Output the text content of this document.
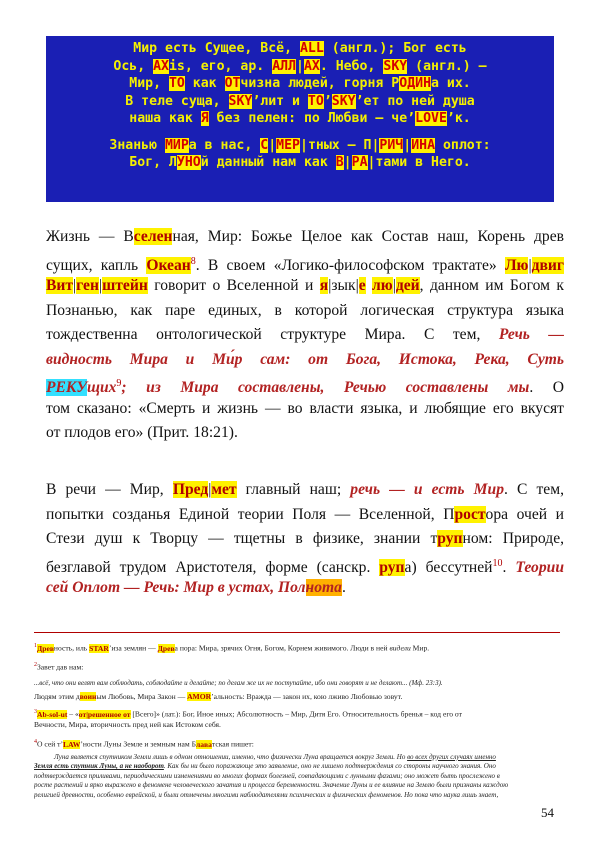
Мир есть Сущее, Всё, ALL (англ.); Бог есть
Ось, AXis, его, ар. АЛЛ|АХ. Небо, SKY (англ.) —
Мир, ТО как ОТчизна людей, горня РОДИНа их.
В теле суща, SKY’лит и ТО’SKY’ет по ней душа
наша как Я без пелен: по Любви — че’LOVE’к.
Знанью МИРа в нас, С|МЕР|тных — П|РИЧ|ИНА оплот:
Бог, ЛУНОй данный нам как В|РА|тами в Него.
Жизнь — Вселенная, Мир: Божье Целое как Состав наш, Корень древ
сущих, капль Океан$^8$. В своем «Логико-философском трактате» Лю|двиг
Вит|ген|штейн говорит о Вселенной и я|зык|е лю|дей, данном им Богом к
Познанью, как паре единых, в которой логическая структура языка
тождественна онтологической структуре Мира. С тем, Речь —
видность Мира и Ми́р сам: от Бога, Истока, Река, Суть
РЕКУщих$^9$; из Мира составлены, Речью составлены мы. О
том сказано: «Смерть и жизнь — во власти языка, и любящие его вкусят
от плодов его» (Прит. 18:21).
В речи — Мир, Пред|мет главный наш; речь — и есть Мир. С тем,
попытки созданья Единой теории Поля — Вселенной, Простора очей и
Стези душ к Творцу — тщетны в физике, знании трупном: Природе,
безглавой трудом Аристотеля, форме (санскр. рупа) бессутней$^{10}$. Теории
сей Оплот — Речь: Мир в устах, Полнота.
$^1$Древность, иль STAR’иза землян — Древа пора: Мира, зрячих Огня, Богом, Корнем живимого. Люди в ней видели Мир.
$^2$Завет дав нам:
...всё, что они велят вам соблюдать, соблюдайте и делайте; по делам же их не поступайте, ибо они говорят и не делают... (Мф. 23:3).
Людям этим двоиным Любовь, Мира Закон — AMOR’альность: Вражда — закон их, кою лживо Любовью зовут.
$^3$Ab-sol-ut – «от|решенное от [Всего]» (лат.): Бог, Иное иных; Абсолютность – Мир, Дитя Его. Относительность бренья – код его от
Вечности, Мира, вторичность пред ней как Истоком себя.
$^4$О сей т’LAW’ности Луны Земле и земным нам Блаватская пишет:
Луна является спутником Земли лишь в одном отношении, именно, что физически Луна вращается вокруг Земли. Но во всех других случаях именно
Земля есть спутник Луны, а не наоборот. Как бы ни было поражающе это заявление, оно не лишено подтверждения со стороны научного знания. Оно
подтверждается приливами, периодическими изменениями во многих формах болезней, совпадающими с лунными фазами; оно может быть прослежено в
росте растений и ярко выражено в феномене человеческого зачатия и процесса беременности. Значение Луны и ее влияние на Землю были признаны каждою
религией древности, особенно еврейской, и были отмечены многими наблюдателями психических и физических феноменов. Но пока что наука лишь знает,
54
